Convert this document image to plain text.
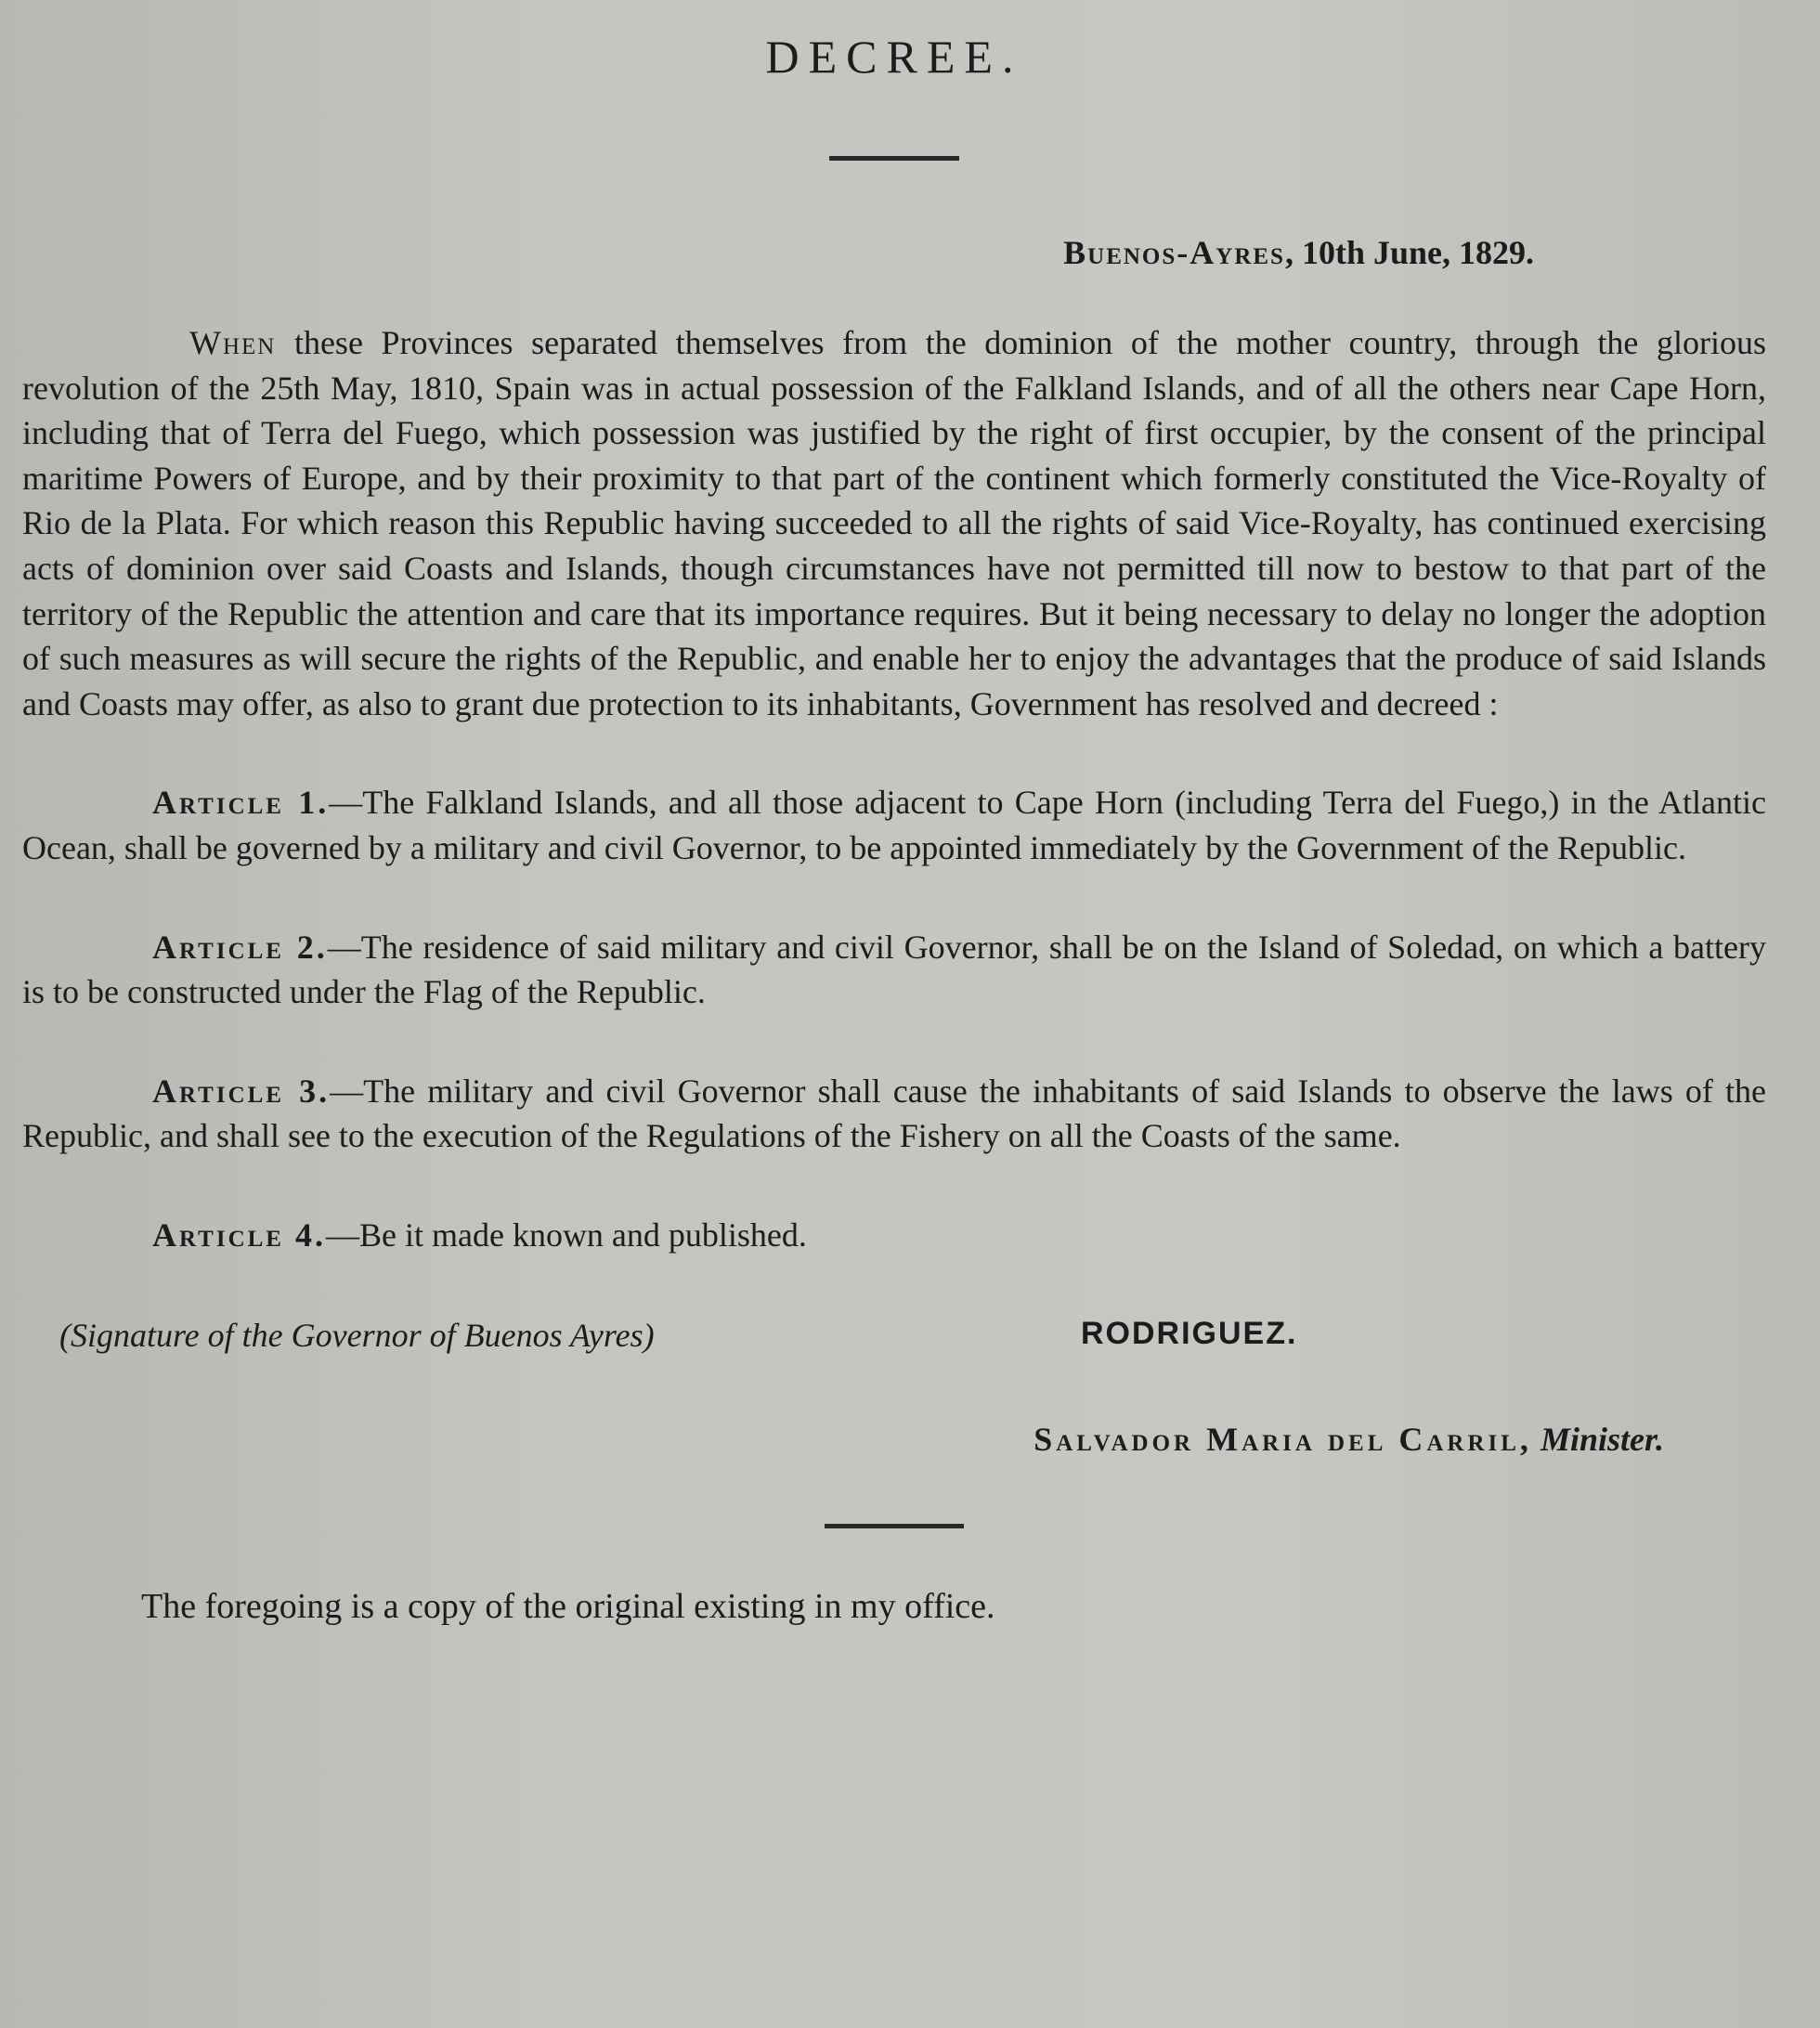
DECREE.
Buenos-Ayres, 10th June, 1829.

When these Provinces separated themselves from the dominion of the mother country, through the glorious revolution of the 25th May, 1810, Spain was in actual possession of the Falkland Islands, and of all the others near Cape Horn, including that of Terra del Fuego, which possession was justified by the right of first occupier, by the consent of the principal maritime Powers of Europe, and by their proximity to that part of the continent which formerly constituted the Vice-Royalty of Rio de la Plata. For which reason this Republic having succeeded to all the rights of said Vice-Royalty, has continued exercising acts of dominion over said Coasts and Islands, though circumstances have not permitted till now to bestow to that part of the territory of the Republic the attention and care that its importance requires. But it being necessary to delay no longer the adoption of such measures as will secure the rights of the Republic, and enable her to enjoy the advantages that the produce of said Islands and Coasts may offer, as also to grant due protection to its inhabitants, Government has resolved and decreed :

Article 1.—The Falkland Islands, and all those adjacent to Cape Horn (including Terra del Fuego,) in the Atlantic Ocean, shall be governed by a military and civil Governor, to be appointed immediately by the Government of the Republic.

Article 2.—The residence of said military and civil Governor, shall be on the Island of Soledad, on which a battery is to be constructed under the Flag of the Republic.

Article 3.—The military and civil Governor shall cause the inhabitants of said Islands to observe the laws of the Republic, and shall see to the execution of the Regulations of the Fishery on all the Coasts of the same.

Article 4.—Be it made known and published.

(Signature of the Governor of Buenos Ayres)	RODRIGUEZ.
Salvador Maria del Carril, Minister.
The foregoing is a copy of the original existing in my office.
